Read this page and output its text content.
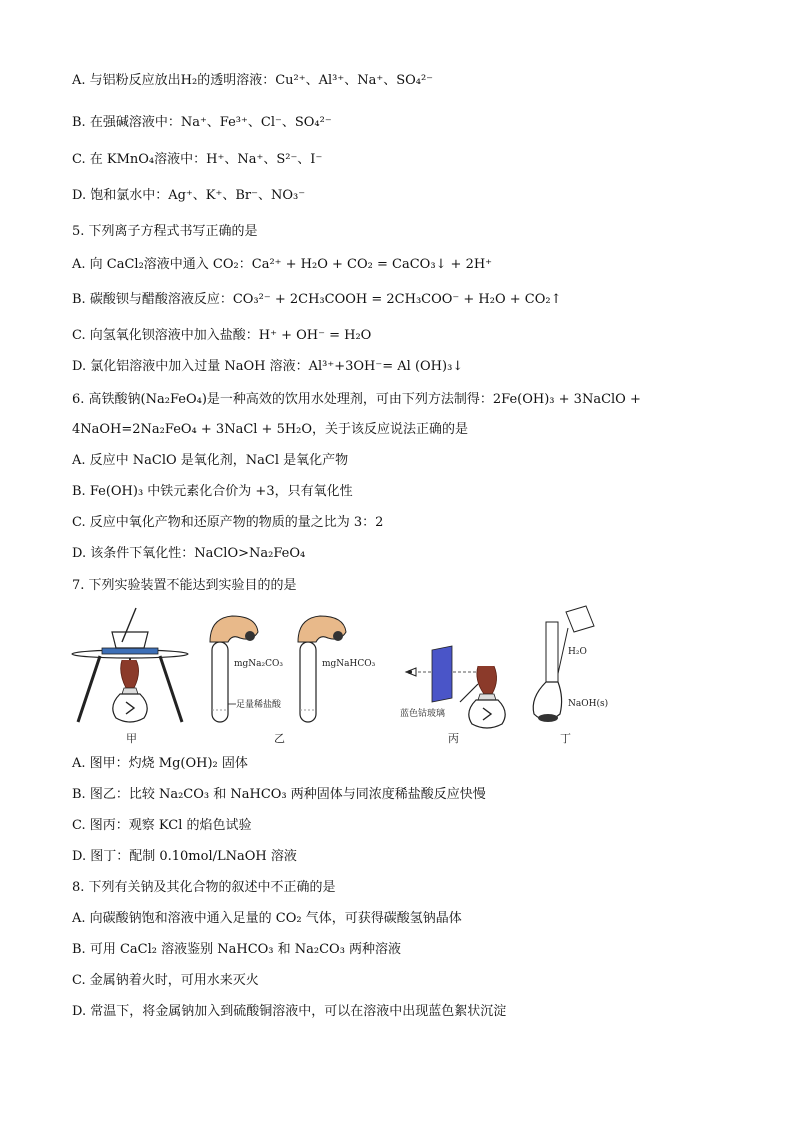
A. 与铝粉反应放出H₂的透明溶液：Cu²⁺、Al³⁺、Na⁺、SO₄²⁻
B. 在强碱溶液中：Na⁺、Fe³⁺、Cl⁻、SO₄²⁻
C. 在 KMnO₄溶液中：H⁺、Na⁺、S²⁻、I⁻
D. 饱和氯水中：Ag⁺、K⁺、Br⁻、NO₃⁻
5. 下列离子方程式书写正确的是
A. 向 CaCl₂溶液中通入 CO₂：Ca²⁺ + H₂O + CO₂ = CaCO₃↓ + 2H⁺
B. 碳酸钡与醋酸溶液反应：CO₃²⁻ + 2CH₃COOH = 2CH₃COO⁻ + H₂O + CO₂↑
C. 向氢氧化钡溶液中加入盐酸：H⁺ + OH⁻ = H₂O
D. 氯化铝溶液中加入过量 NaOH 溶液：Al³⁺+3OH⁻= Al (OH)₃↓
6. 高铁酸钠(Na₂FeO₄)是一种高效的饮用水处理剂，可由下列方法制得：2Fe(OH)₃ + 3NaClO +
4NaOH=2Na₂FeO₄ + 3NaCl + 5H₂O，关于该反应说法正确的是
A. 反应中 NaClO 是氧化剂，NaCl 是氧化产物
B. Fe(OH)₃ 中铁元素化合价为 +3，只有氧化性
C. 反应中氧化产物和还原产物的物质的量之比为 3：2
D. 该条件下氧化性：NaClO>Na₂FeO₄
7. 下列实验装置不能达到实验目的的是
A. 图甲：灼烧 Mg(OH)₂ 固体
B. 图乙：比较 Na₂CO₃ 和 NaHCO₃ 两种固体与同浓度稀盐酸反应快慢
C. 图丙：观察 KCl 的焰色试验
D. 图丁：配制 0.10mol/LNaOH 溶液
8. 下列有关钠及其化合物的叙述中不正确的是
A. 向碳酸钠饱和溶液中通入足量的 CO₂ 气体，可获得碳酸氢钠晶体
B. 可用 CaCl₂ 溶液鉴别 NaHCO₃ 和 Na₂CO₃ 两种溶液
C. 金属钠着火时，可用水来灭火
D. 常温下，将金属钠加入到硫酸铜溶液中，可以在溶液中出现蓝色絮状沉淀
甲
mgNa₂CO₃	mgNaHCO₃
足量稀盐酸
乙
蓝色钴玻璃
丙
H₂O
NaOH(s)
丁
